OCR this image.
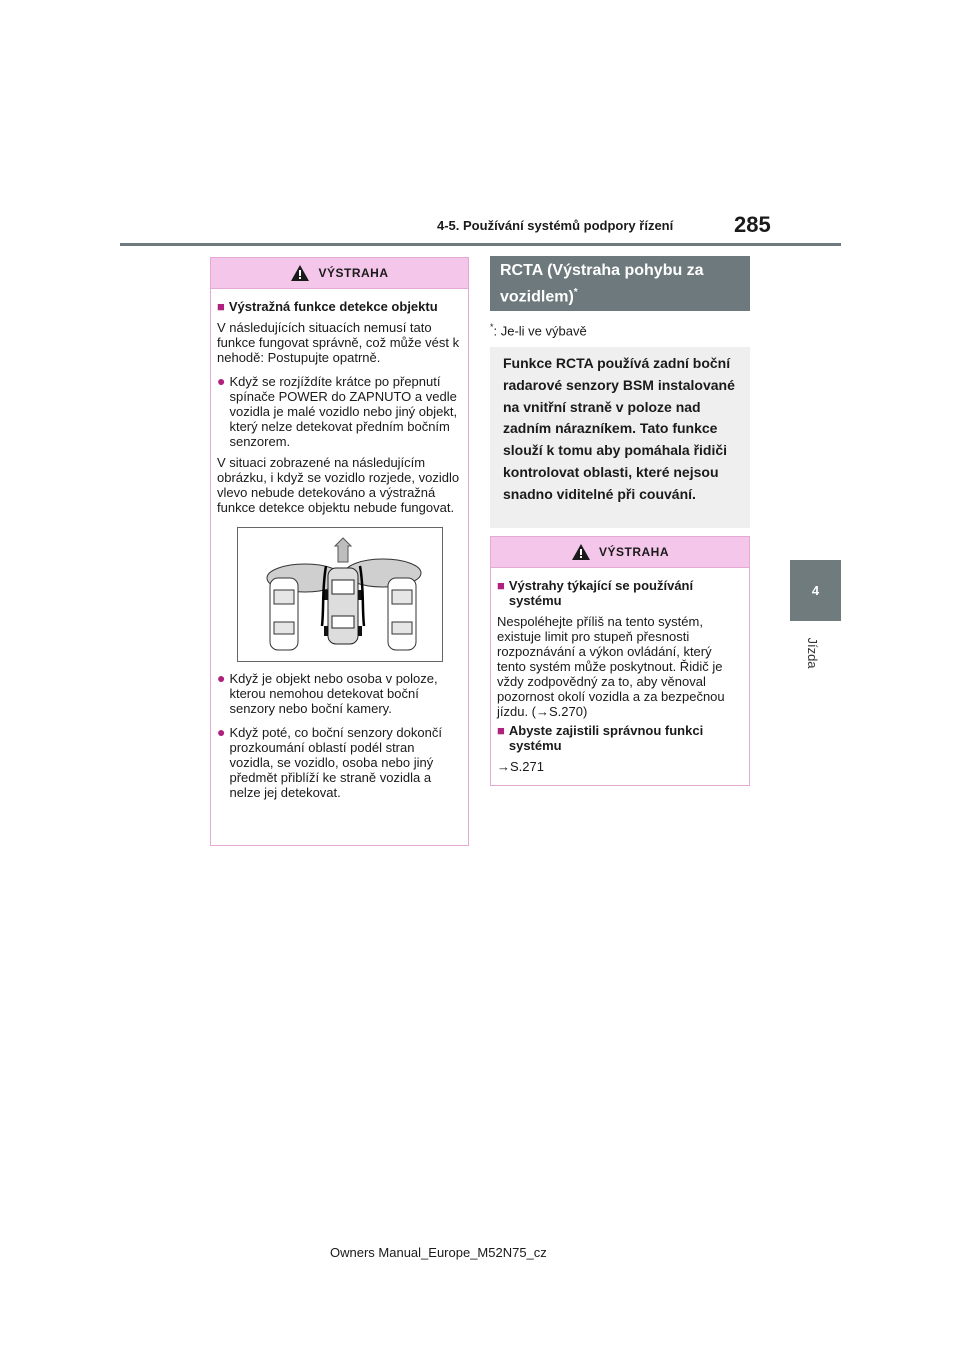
4-5. Používání systémů podpory řízení	285
4
Jízda
VÝSTRAHA
■ Výstražná funkce detekce objektu

V následujících situacích nemusí tato funkce fungovat správně, což může vést k nehodě: Postupujte opatrně.

● Když se rozjíždíte krátce po přepnutí spínače POWER do ZAPNUTO a vedle vozidla je malé vozidlo nebo jiný objekt, který nelze detekovat předním bočním senzorem.

V situaci zobrazené na následujícím obrázku, i když se vozidlo rozjede, vozidlo vlevo nebude detekováno a výstražná funkce detekce objektu nebude fungovat.

● Když je objekt nebo osoba v poloze, kterou nemohou detekovat boční senzory nebo boční kamery.
● Když poté, co boční senzory dokončí prozkoumání oblastí podél stran vozidla, se vozidlo, osoba nebo jiný předmět přiblíží ke straně vozidla a nelze jej detekovat.
RCTA (Výstraha pohybu za vozidlem)*
*: Je-li ve výbavě
Funkce RCTA používá zadní boční radarové senzory BSM instalované na vnitřní straně v poloze nad zadním nárazníkem. Tato funkce slouží k tomu aby pomáhala řidiči kontrolovat oblasti, které nejsou snadno viditelné při couvání.
VÝSTRAHA
■ Výstrahy týkající se používání systému

Nespoléhejte příliš na tento systém, existuje limit pro stupeň přesnosti rozpoznávání a výkon ovládání, který tento systém může poskytnout. Řidič je vždy zodpovědný za to, aby věnoval pozornost okolí vozidla a za bezpečnou jízdu. (→S.270)

■ Abyste zajistili správnou funkci systému

→S.271

Owners Manual_Europe_M52N75_cz
